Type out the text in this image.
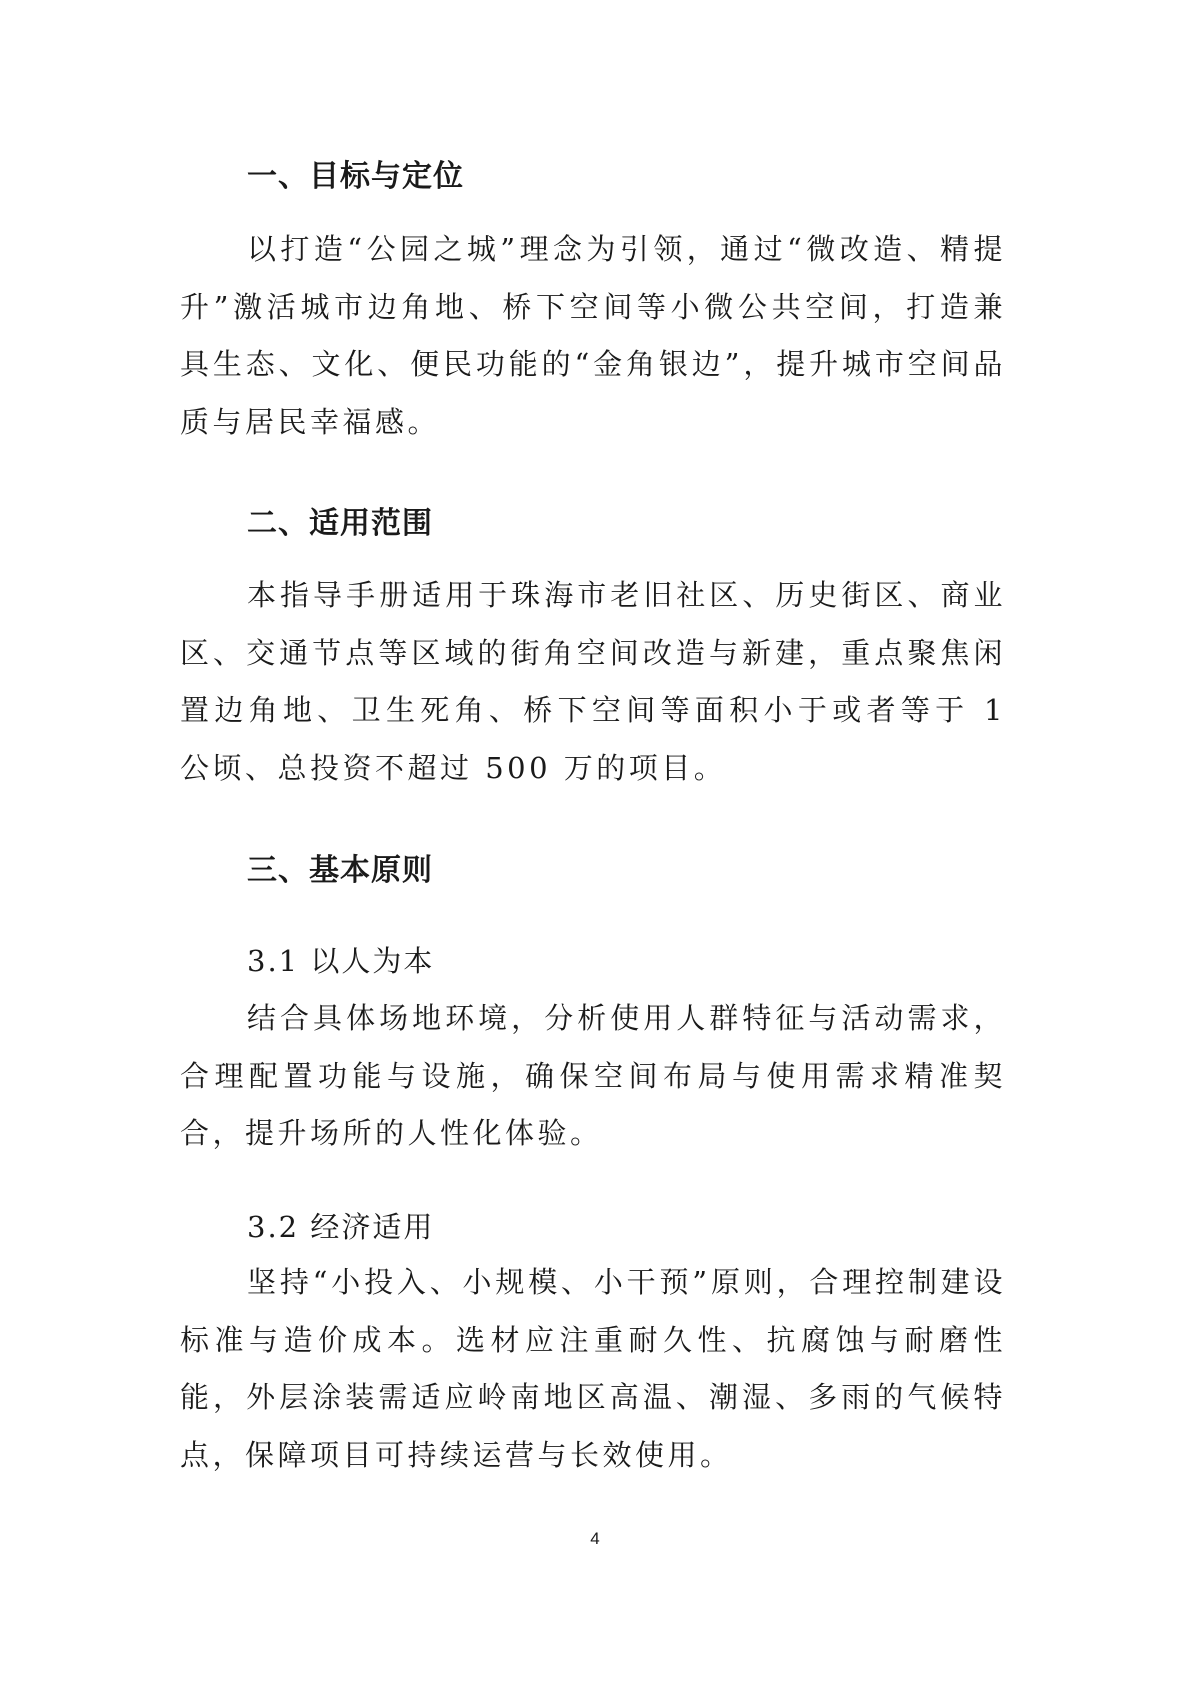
一、目标与定位

以打造“公园之城”理念为引领，通过“微改造、精提升”激活城市边角地、桥下空间等小微公共空间，打造兼具生态、文化、便民功能的“金角银边”，提升城市空间品质与居民幸福感。

二、适用范围

本指导手册适用于珠海市老旧社区、历史街区、商业区、交通节点等区域的街角空间改造与新建，重点聚焦闲置边角地、卫生死角、桥下空间等面积小于或者等于 1 公顷、总投资不超过 500 万的项目。

三、基本原则
3.1 以人为本

结合具体场地环境，分析使用人群特征与活动需求，合理配置功能与设施，确保空间布局与使用需求精准契合，提升场所的人性化体验。

3.2 经济适用

坚持“小投入、小规模、小干预”原则，合理控制建设标准与造价成本。选材应注重耐久性、抗腐蚀与耐磨性能，外层涂装需适应岭南地区高温、潮湿、多雨的气候特点，保障项目可持续运营与长效使用。

4
